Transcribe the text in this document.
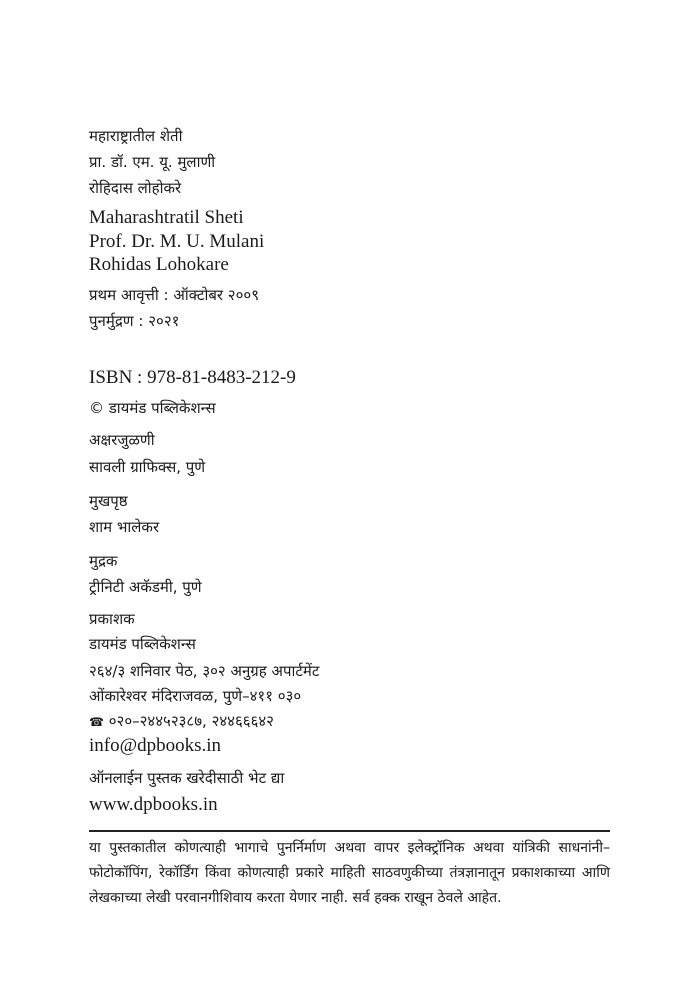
महाराष्ट्रातील शेती
प्रा. डॉ. एम. यू. मुलाणी
रोहिदास लोहोकरे
Maharashtratil Sheti
Prof. Dr. M. U. Mulani
Rohidas Lohokare
प्रथम आवृत्ती : ऑक्टोबर २००९
पुनर्मुद्रण : २०२१
ISBN : 978-81-8483-212-9
© डायमंड पब्लिकेशन्स
अक्षरजुळणी
सावली ग्राफिक्स, पुणे
मुखपृष्ठ
शाम भालेकर
मुद्रक
ट्रीनिटी अकॅडमी, पुणे
प्रकाशक
डायमंड पब्लिकेशन्स
२६४/३ शनिवार पेठ, ३०२ अनुग्रह अपार्टमेंट
ओंकारेश्वर मंदिराजवळ, पुणे–४११ ०३०
☎ ०२०–२४४५२३८७, २४४६६६४२
info@dpbooks.in
ऑनलाईन पुस्तक खरेदीसाठी भेट द्या
www.dpbooks.in
या पुस्तकातील कोणत्याही भागाचे पुनर्निर्माण अथवा वापर इलेक्ट्रॉनिक अथवा यांत्रिकी साधनांनी– फोटोकॉपिंग, रेकॉर्डिंग किंवा कोणत्याही प्रकारे माहिती साठवणुकीच्या तंत्रज्ञानातून प्रकाशकाच्या आणि लेखकाच्या लेखी परवानगीशिवाय करता येणार नाही. सर्व हक्क राखून ठेवले आहेत.
